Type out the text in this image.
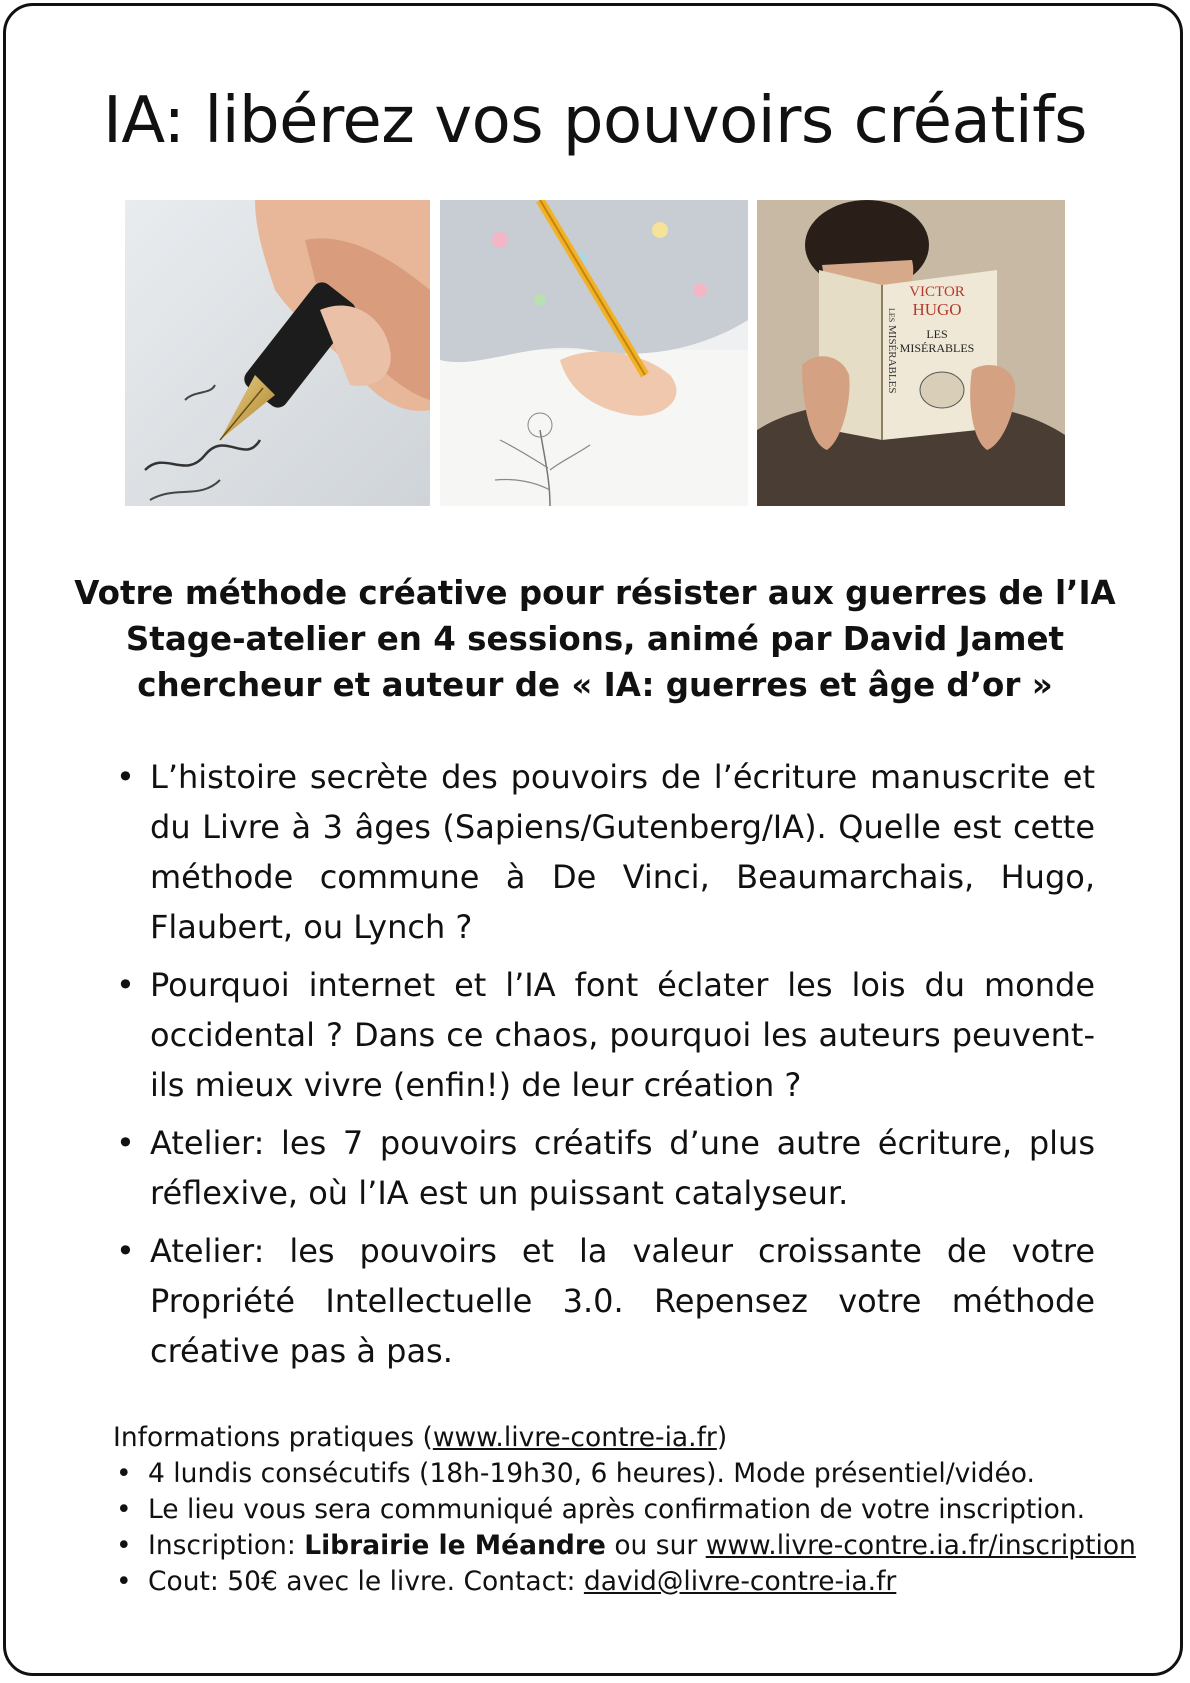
IA: libérez vos pouvoirs créatifs
VICTOR
HUGO
LES
MISÉRABLES
MISÉRABLES
LES
Votre méthode créative pour résister aux guerres de l’IA
Stage-atelier en 4 sessions, animé par David Jamet
chercheur et auteur de « IA: guerres et âge d’or »
• L’histoire secrète des pouvoirs de l’écriture manuscrite et du Livre à 3 âges (Sapiens/Gutenberg/IA). Quelle est cette méthode commune à De Vinci, Beaumarchais, Hugo, Flaubert, ou Lynch ?
• Pourquoi internet et l’IA font éclater les lois du monde occidental ? Dans ce chaos, pourquoi les auteurs peuvent-ils mieux vivre (enfin!) de leur création ?
• Atelier: les 7 pouvoirs créatifs d’une autre écriture, plus réflexive, où l’IA est un puissant catalyseur.
• Atelier: les pouvoirs et la valeur croissante de votre Propriété Intellectuelle 3.0. Repensez votre méthode créative pas à pas.
Informations pratiques (www.livre-contre-ia.fr)
• 4 lundis consécutifs (18h-19h30, 6 heures). Mode présentiel/vidéo.
• Le lieu vous sera communiqué après confirmation de votre inscription.
• Inscription: Librairie le Méandre ou sur www.livre-contre.ia.fr/inscription
• Cout: 50€ avec le livre. Contact: david@livre-contre-ia.fr
